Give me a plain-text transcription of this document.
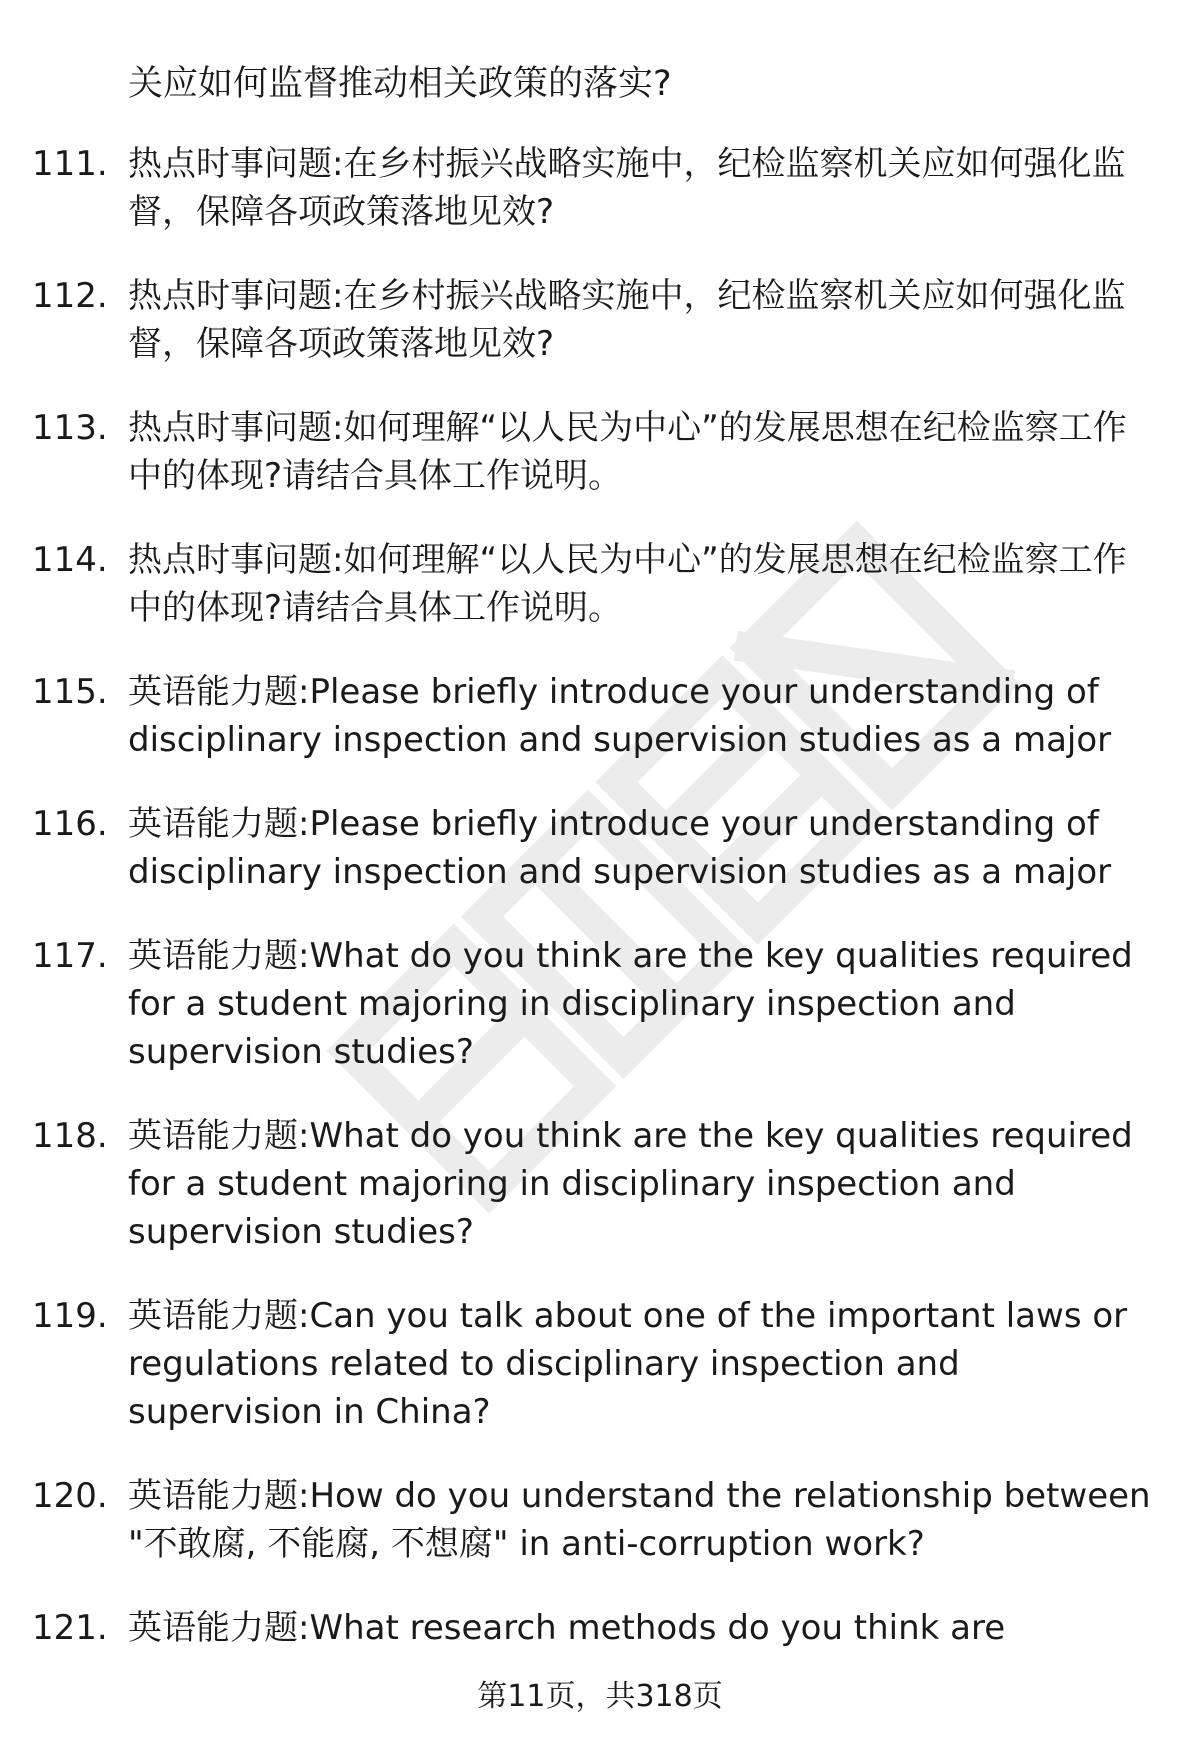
关应如何监督推动相关政策的落实?
111. 热点时事问题:在乡村振兴战略实施中，纪检监察机关应如何强化监督，保障各项政策落地见效?
112. 热点时事问题:在乡村振兴战略实施中，纪检监察机关应如何强化监督，保障各项政策落地见效?
113. 热点时事问题:如何理解“以人民为中心”的发展思想在纪检监察工作中的体现?请结合具体工作说明。
114. 热点时事问题:如何理解“以人民为中心”的发展思想在纪检监察工作中的体现?请结合具体工作说明。
115. 英语能力题:Please briefly introduce your understanding of disciplinary inspection and supervision studies as a major
116. 英语能力题:Please briefly introduce your understanding of disciplinary inspection and supervision studies as a major
117. 英语能力题:What do you think are the key qualities required for a student majoring in disciplinary inspection and supervision studies?
118. 英语能力题:What do you think are the key qualities required for a student majoring in disciplinary inspection and supervision studies?
119. 英语能力题:Can you talk about one of the important laws or regulations related to disciplinary inspection and supervision in China?
120. 英语能力题:How do you understand the relationship between "不敢腐, 不能腐, 不想腐" in anti-corruption work?
121. 英语能力题:What research methods do you think are
第11页，共318页
